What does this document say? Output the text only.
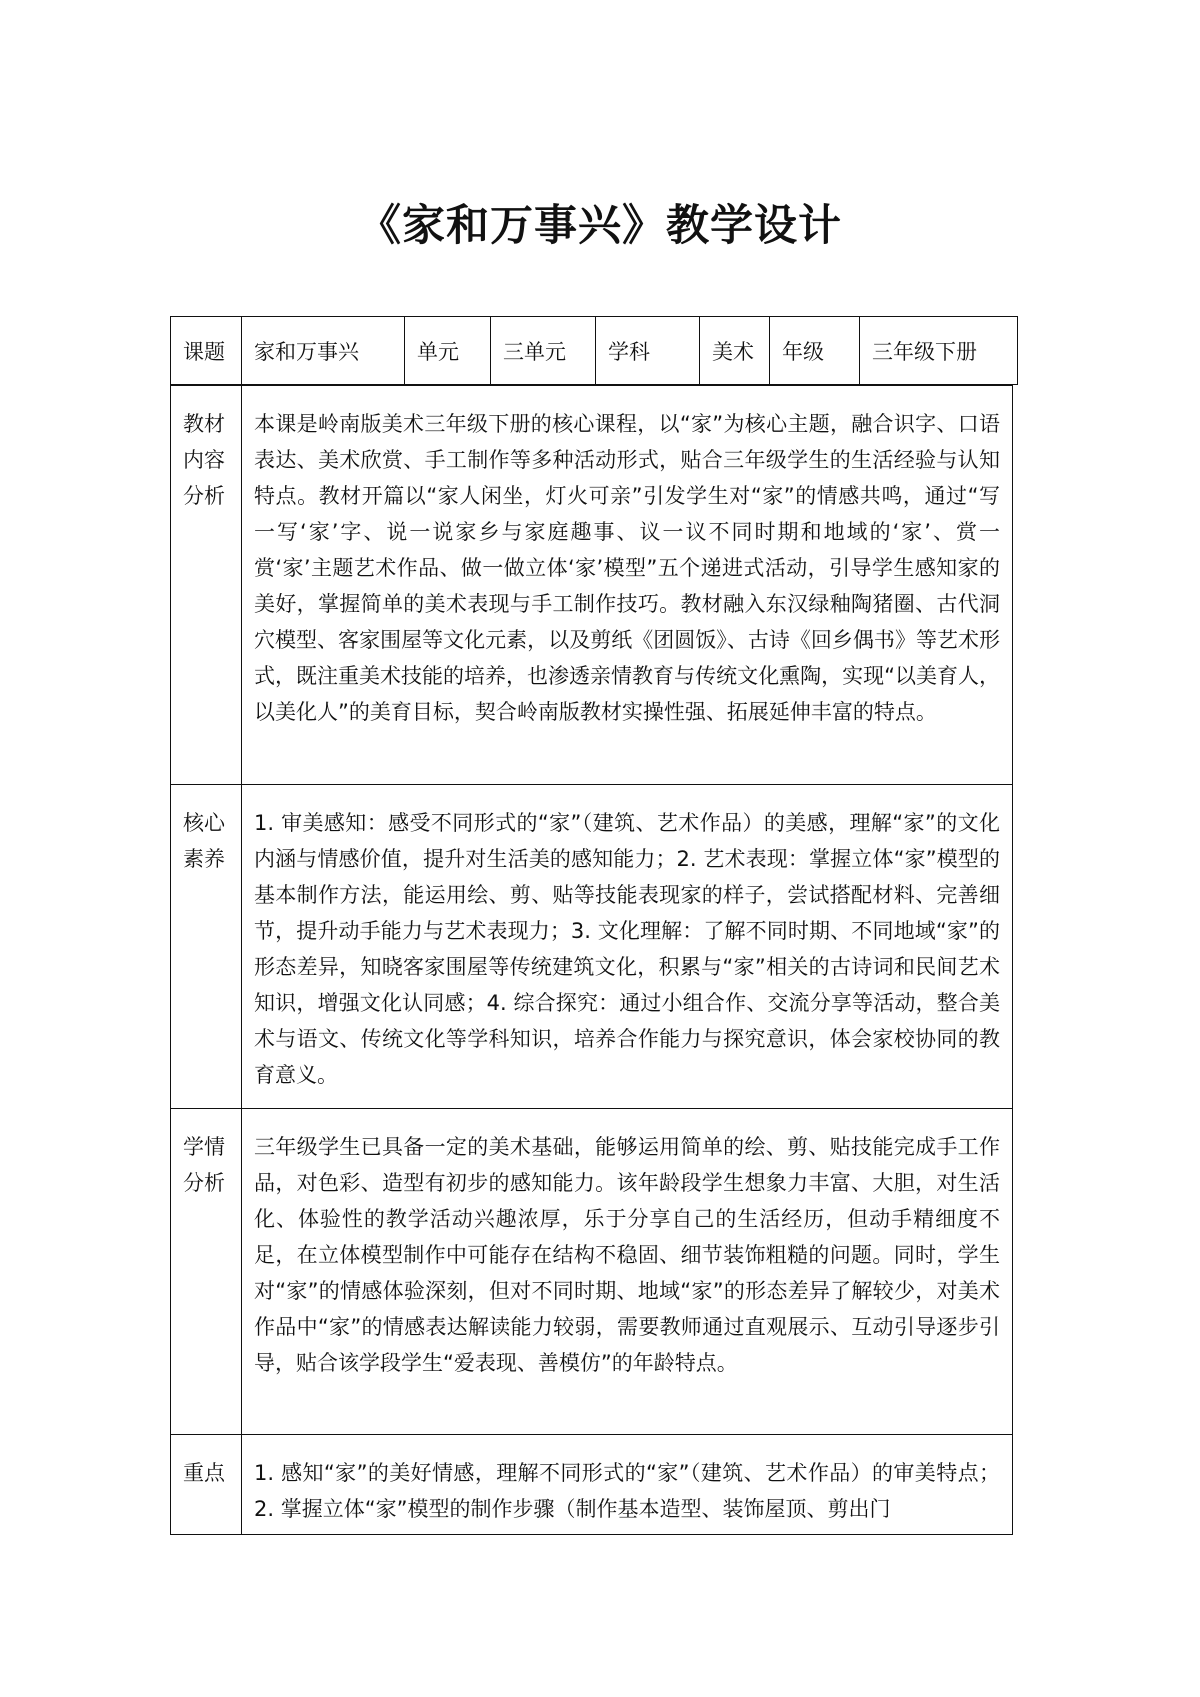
《家和万事兴》教学设计
课题	家和万事兴	单元	三单元	学科	美术	年级	三年级下册
教材内容分析	本课是岭南版美术三年级下册的核心课程，以“家”为核心主题，融合识字、口语表达、美术欣赏、手工制作等多种活动形式，贴合三年级学生的生活经验与认知特点。教材开篇以“家人闲坐，灯火可亲”引发学生对“家”的情感共鸣，通过“写一写‘家’字、说一说家乡与家庭趣事、议一议不同时期和地域的‘家’、赏一赏‘家’主题艺术作品、做一做立体‘家’模型”五个递进式活动，引导学生感知家的美好，掌握简单的美术表现与手工制作技巧。教材融入东汉绿釉陶猪圈、古代洞穴模型、客家围屋等文化元素，以及剪纸《团圆饭》、古诗《回乡偶书》等艺术形式，既注重美术技能的培养，也渗透亲情教育与传统文化熏陶，实现“以美育人，以美化人”的美育目标，契合岭南版教材实操性强、拓展延伸丰富的特点。
核心素养	1. 审美感知：感受不同形式的“家”（建筑、艺术作品）的美感，理解“家”的文化内涵与情感价值，提升对生活美的感知能力；2. 艺术表现：掌握立体“家”模型的基本制作方法，能运用绘、剪、贴等技能表现家的样子，尝试搭配材料、完善细节，提升动手能力与艺术表现力；3. 文化理解：了解不同时期、不同地域“家”的形态差异，知晓客家围屋等传统建筑文化，积累与“家”相关的古诗词和民间艺术知识，增强文化认同感；4. 综合探究：通过小组合作、交流分享等活动，整合美术与语文、传统文化等学科知识，培养合作能力与探究意识，体会家校协同的教育意义。
学情分析	三年级学生已具备一定的美术基础，能够运用简单的绘、剪、贴技能完成手工作品，对色彩、造型有初步的感知能力。该年龄段学生想象力丰富、大胆，对生活化、体验性的教学活动兴趣浓厚，乐于分享自己的生活经历，但动手精细度不足，在立体模型制作中可能存在结构不稳固、细节装饰粗糙的问题。同时，学生对“家”的情感体验深刻，但对不同时期、地域“家”的形态差异了解较少，对美术作品中“家”的情感表达解读能力较弱，需要教师通过直观展示、互动引导逐步引导，贴合该学段学生“爱表现、善模仿”的年龄特点。
重点	1. 感知“家”的美好情感，理解不同形式的“家”（建筑、艺术作品）的审美特点；2. 掌握立体“家”模型的制作步骤（制作基本造型、装饰屋顶、剪出门
